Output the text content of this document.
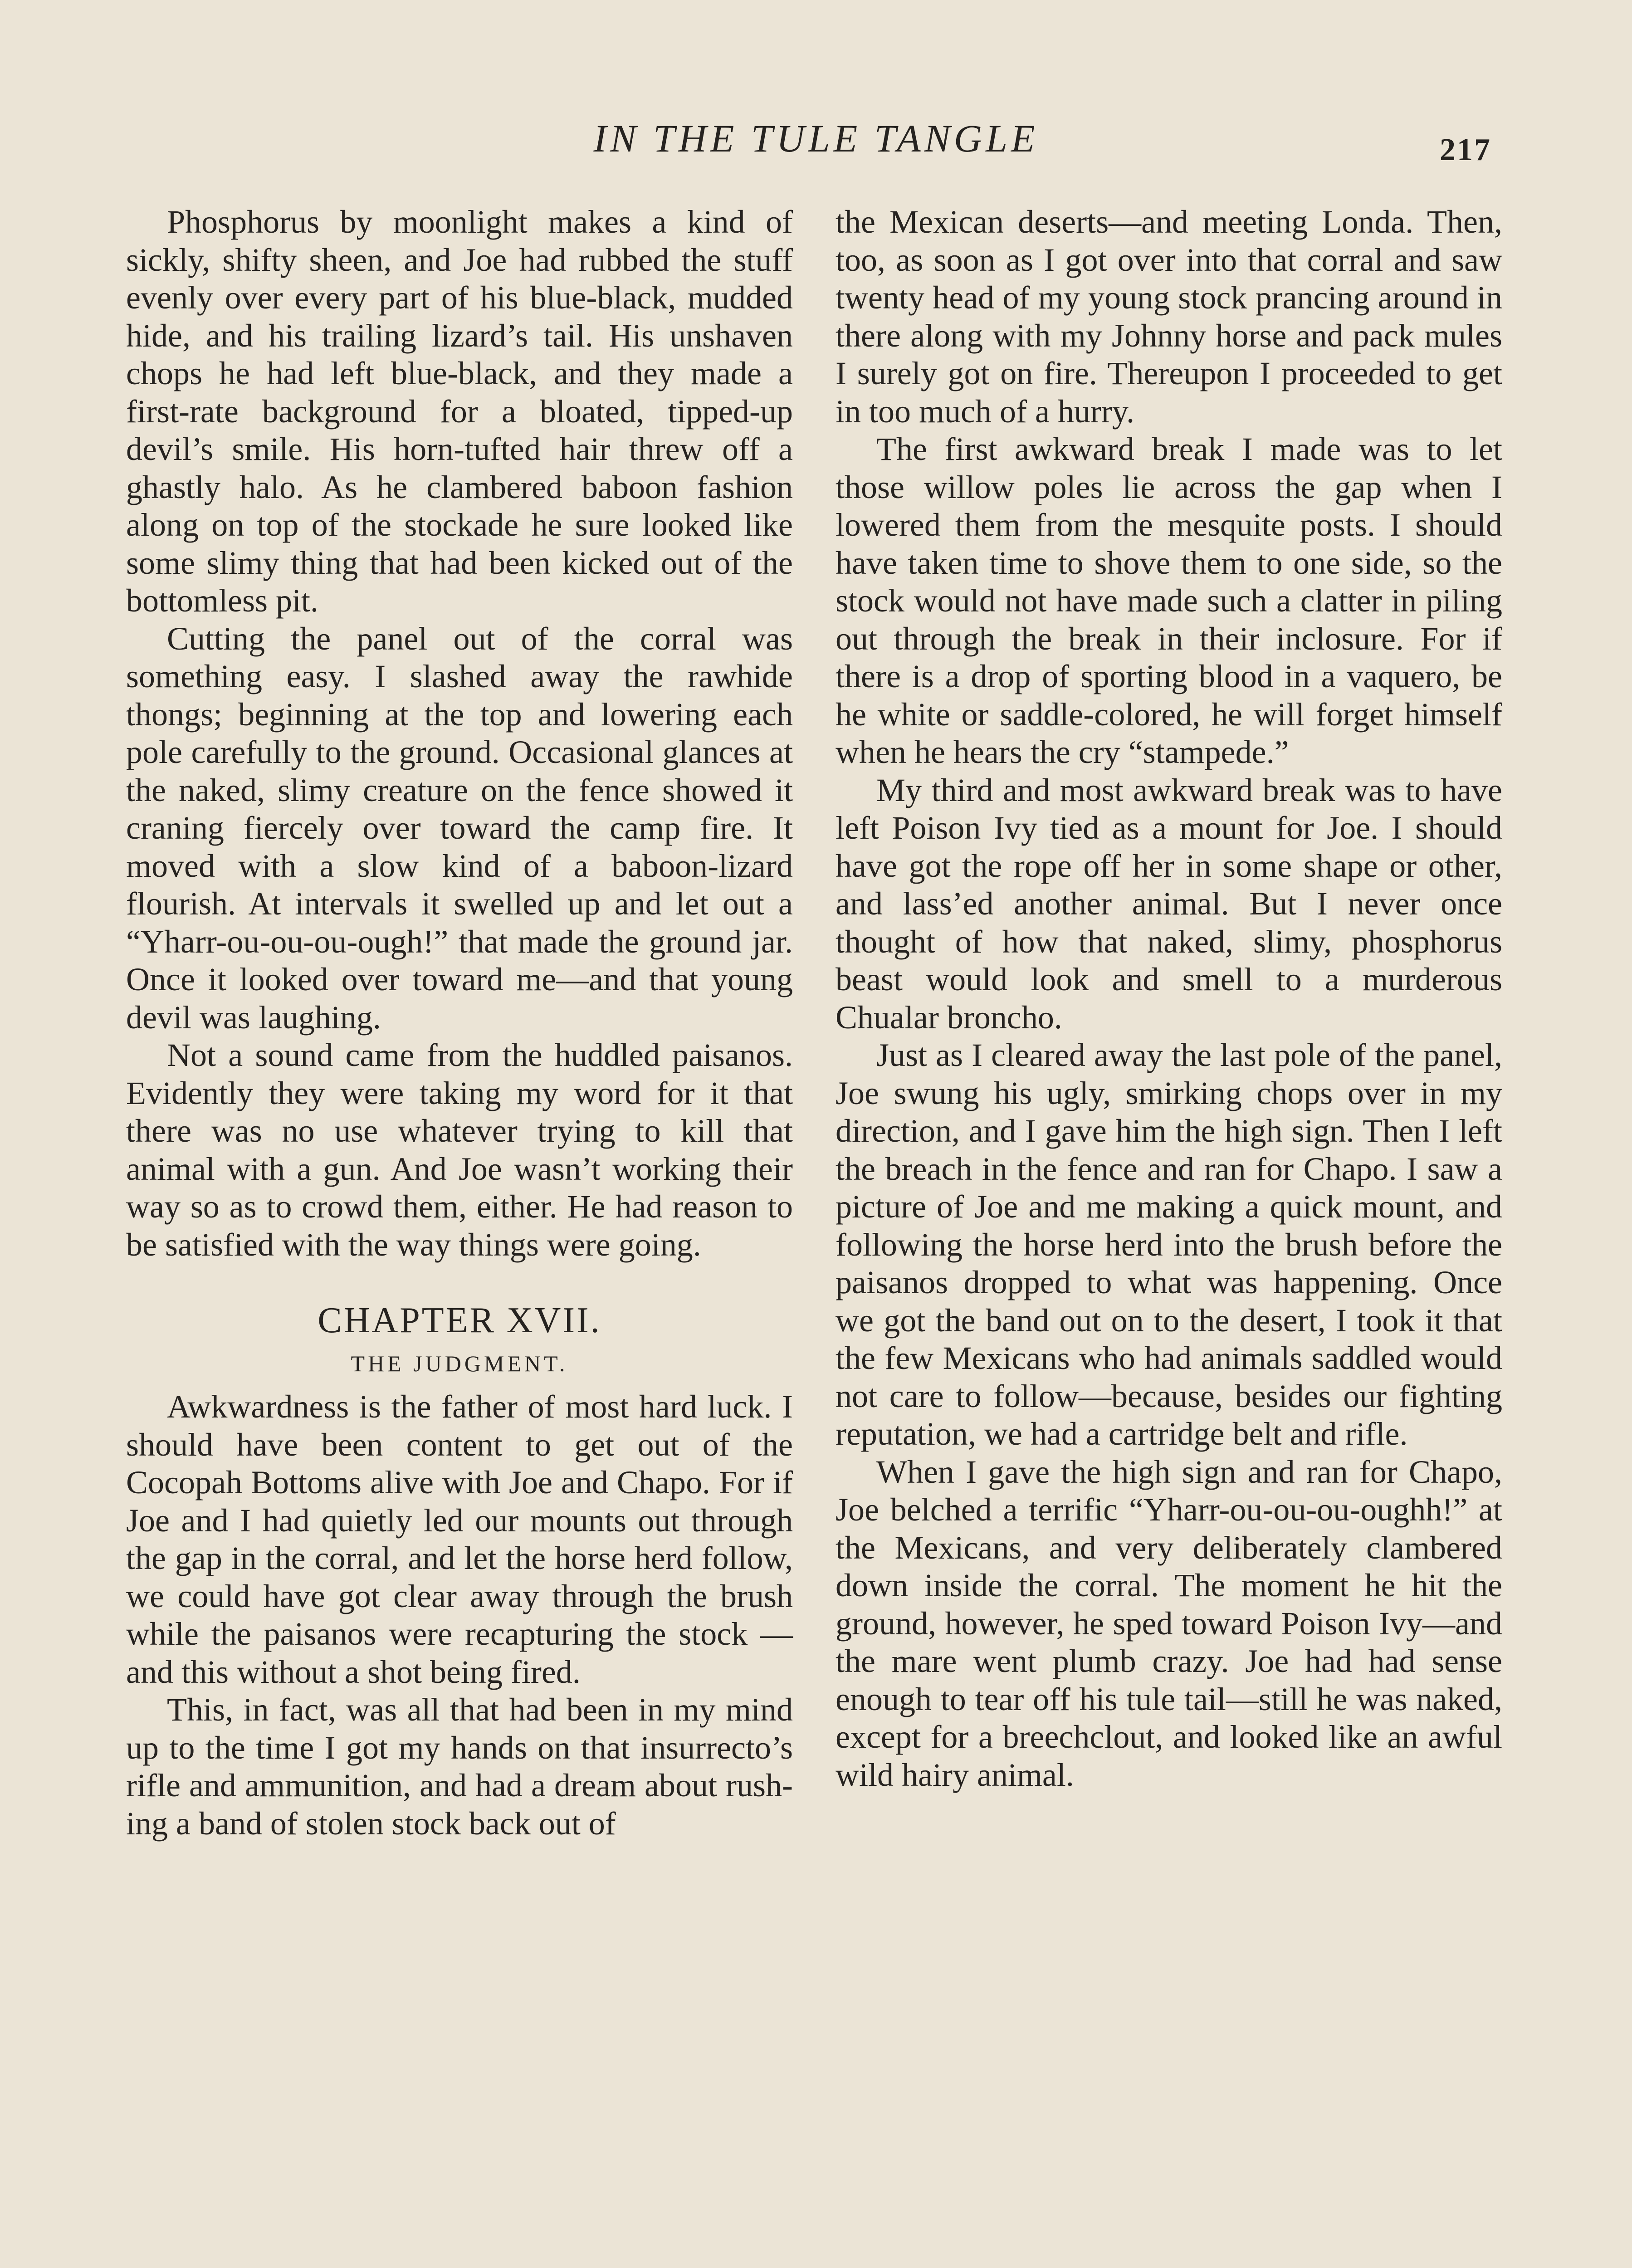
IN THE TULE TANGLE	217

Phosphorus by moonlight makes a kind of sickly, shifty sheen, and Joe had rubbed the stuff evenly over every part of his blue-black, mudded hide, and his trailing lizard’s tail. His unshaven chops he had left blue-black, and they made a first-rate background for a bloated, tipped-up devil’s smile. His horn-tufted hair threw off a ghastly halo. As he clambered baboon fashion along on top of the stockade he sure looked like some slimy thing that had been kicked out of the bottomless pit.

Cutting the panel out of the corral was something easy. I slashed away the rawhide thongs; beginning at the top and lowering each pole carefully to the ground. Occasional glances at the naked, slimy creature on the fence showed it craning fiercely over toward the camp fire. It moved with a slow kind of a baboon-lizard flourish. At intervals it swelled up and let out a “Yharr-ou-ou-ou-ough!” that made the ground jar. Once it looked over toward me—and that young devil was laughing.

Not a sound came from the huddled paisanos. Evidently they were taking my word for it that there was no use whatever trying to kill that animal with a gun. And Joe wasn’t working their way so as to crowd them, either. He had reason to be satisfied with the way things were going.

CHAPTER XVII.
THE JUDGMENT.

Awkwardness is the father of most hard luck. I should have been content to get out of the Cocopah Bottoms alive with Joe and Chapo. For if Joe and I had quietly led our mounts out through the gap in the corral, and let the horse herd follow, we could have got clear away through the brush while the paisanos were recapturing the stock —and this without a shot being fired.

This, in fact, was all that had been in my mind up to the time I got my hands on that insurrecto’s rifle and ammunition, and had a dream about rushing a band of stolen stock back out of

the Mexican deserts—and meeting Londa. Then, too, as soon as I got over into that corral and saw twenty head of my young stock prancing around in there along with my Johnny horse and pack mules I surely got on fire. Thereupon I proceeded to get in too much of a hurry.

The first awkward break I made was to let those willow poles lie across the gap when I lowered them from the mesquite posts. I should have taken time to shove them to one side, so the stock would not have made such a clatter in piling out through the break in their inclosure. For if there is a drop of sporting blood in a vaquero, be he white or saddle-colored, he will forget himself when he hears the cry “stampede.”

My third and most awkward break was to have left Poison Ivy tied as a mount for Joe. I should have got the rope off her in some shape or other, and lass’ed another animal. But I never once thought of how that naked, slimy, phosphorus beast would look and smell to a murderous Chualar broncho.

Just as I cleared away the last pole of the panel, Joe swung his ugly, smirking chops over in my direction, and I gave him the high sign. Then I left the breach in the fence and ran for Chapo. I saw a picture of Joe and me making a quick mount, and following the horse herd into the brush before the paisanos dropped to what was happening. Once we got the band out on to the desert, I took it that the few Mexicans who had animals saddled would not care to follow—because, besides our fighting reputation, we had a cartridge belt and rifle.

When I gave the high sign and ran for Chapo, Joe belched a terrific “Yharr-ou-ou-ou-oughh!” at the Mexicans, and very deliberately clambered down inside the corral. The moment he hit the ground, however, he sped toward Poison Ivy—and the mare went plumb crazy. Joe had had sense enough to tear off his tule tail—still he was naked, except for a breechclout, and looked like an awful wild hairy animal.
